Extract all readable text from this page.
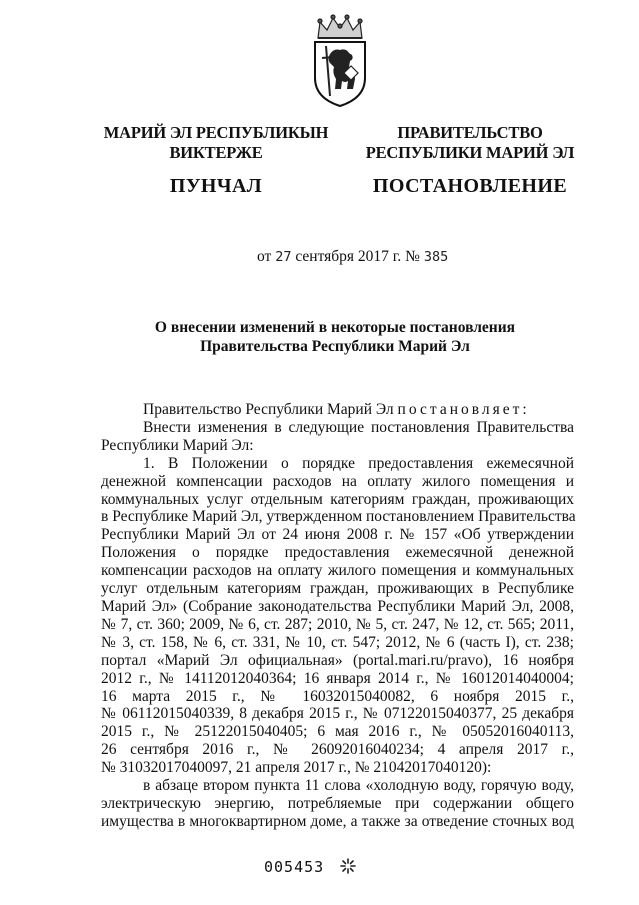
МАРИЙ ЭЛ РЕСПУБЛИКЫН
ВИКТЕРЖЕ
ПУНЧАЛ
ПРАВИТЕЛЬСТВО
РЕСПУБЛИКИ МАРИЙ ЭЛ
ПОСТАНОВЛЕНИЕ
от 27 сентября 2017 г. № 385
О внесении изменений в некоторые постановления
Правительства Республики Марий Эл
Правительство Республики Марий Эл постановляет:
Внести изменения в следующие постановления Правительства
Республики Марий Эл:
1. В Положении о порядке предоставления ежемесячной
денежной компенсации расходов на оплату жилого помещения и
коммунальных услуг отдельным категориям граждан, проживающих
в Республике Марий Эл, утвержденном постановлением Правительства
Республики Марий Эл от 24 июня 2008 г. № 157 «Об утверждении
Положения о порядке предоставления ежемесячной денежной
компенсации расходов на оплату жилого помещения и коммунальных
услуг отдельным категориям граждан, проживающих в Республике
Марий Эл» (Собрание законодательства Республики Марий Эл, 2008,
№ 7, ст. 360; 2009, № 6, ст. 287; 2010, № 5, ст. 247, № 12, ст. 565; 2011,
№ 3, ст. 158, № 6, ст. 331, № 10, ст. 547; 2012, № 6 (часть I), ст. 238;
портал «Марий Эл официальная» (portal.mari.ru/pravo), 16 ноября
2012 г., № 14112012040364; 16 января 2014 г., № 16012014040004;
16 марта 2015 г., № 16032015040082, 6 ноября 2015 г.,
№ 06112015040339, 8 декабря 2015 г., № 07122015040377, 25 декабря
2015 г., № 25122015040405; 6 мая 2016 г., № 05052016040113,
26 сентября 2016 г., № 26092016040234; 4 апреля 2017 г.,
№ 31032017040097, 21 апреля 2017 г., № 21042017040120):
в абзаце втором пункта 11 слова «холодную воду, горячую воду,
электрическую энергию, потребляемые при содержании общего
имущества в многоквартирном доме, а также за отведение сточных вод
005453
